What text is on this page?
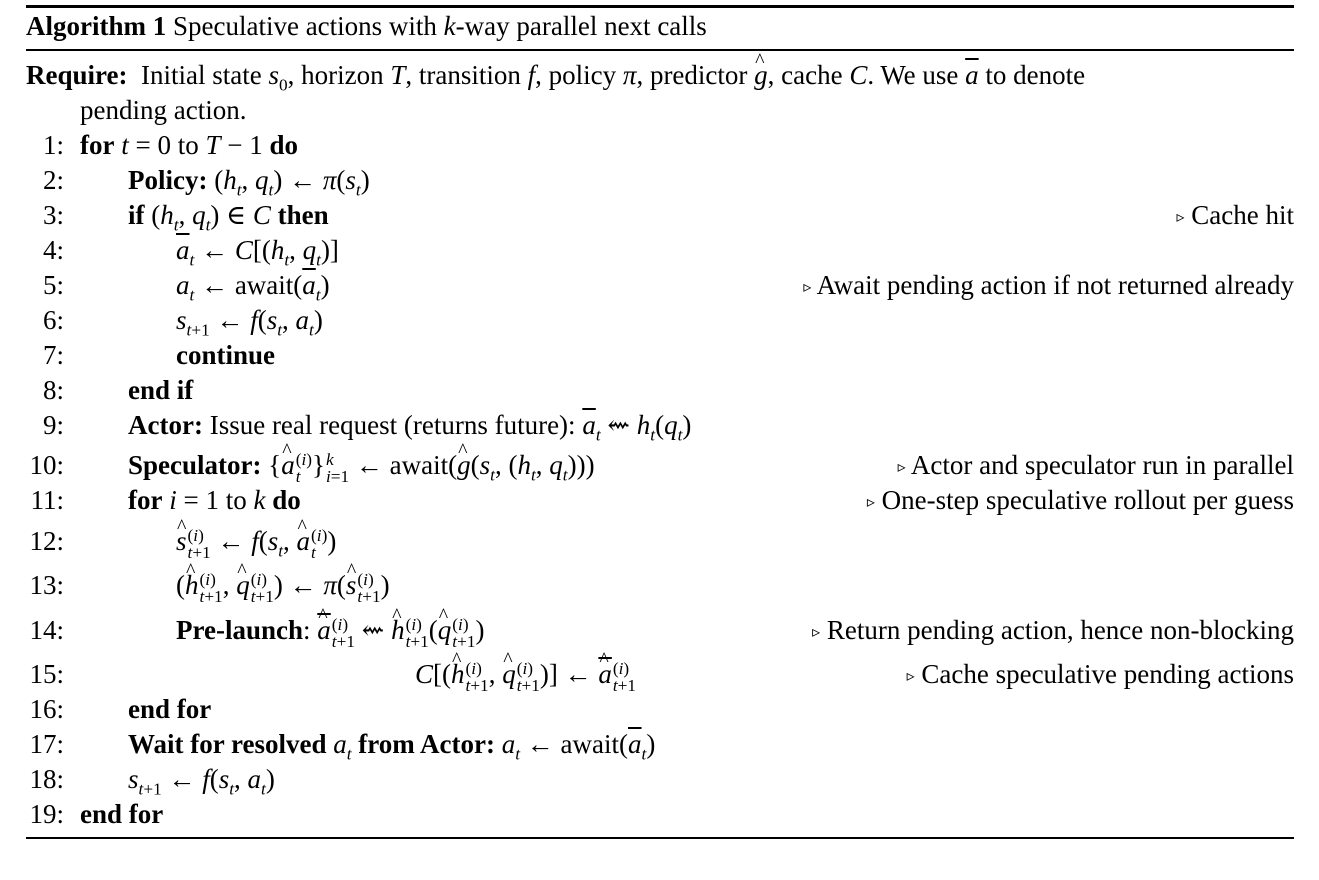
Algorithm 1 Speculative actions with k-way parallel next calls
Require:  Initial state $s_0$, horizon T, transition f, policy π, predictor ^ g, cache C. We use $\overline{a}$ to denote
pending action.
1: for t = 0 to T − 1 do
2: Policy: ($h_t$, $q_t$) ← $\pi(s_t)$
3: if ($h_t$, $q_t$) ∈ C then	▹ Cache hit
4:	$\overline{a}_t$ ← $C[(h_t$, $q_t$)]
5:	$a_t$ ← $await(\overline{a}_t)$	▹ Await pending action if not returned already
6:	$s_{t+1}$ ← $f(s_t$, $a_t$)
7:	continue
8: end if
9: Actor: Issue real request (returns future): $\overline{a}_t$ ⇜ $h_t(q_t)$
10: Speculator: {^ a (i)
t } k
i=1 ← await(^ $g(s_t$, ($h_t$, $q_t$)))	▹ Actor and speculator run in parallel
11: for i = 1 to k do	▹ One-step speculative rollout per guess
12:	^ s (i)
t+1 ← $f(s_t$, ^ a (i)
t )
13:	(^ h (i)
t+1 , ^ q (i)
t+1 ) ← π(^ s (i)
t+1 )
14:	Pre-launch: ^ $\overline{a}$ (i)
t+1 ⇜ ^ h (i)
t+1 (^ q (i)
t+1 )	▹ Return pending action, hence non-blocking
15:	C[(^ h (i)
t+1 , ^ q (i)
t+1 )] ← ^ $\overline{a}$ (i)
t+1	▹ Cache speculative pending actions
16: end for
17: Wait for resolved $a_t$ from Actor: $a_t$ ← $await(\overline{a}_t)$
18: $s_{t+1}$ ← $f(s_t$, $a_t$)
19: end for
